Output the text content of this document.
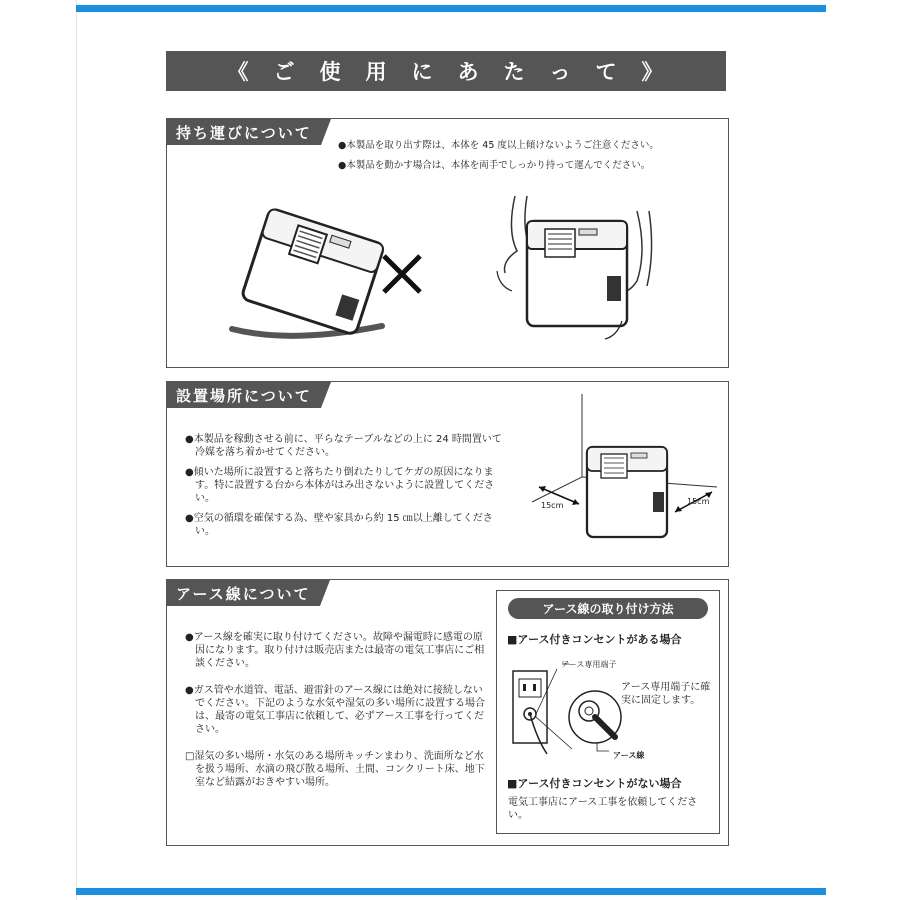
《　ご　使　用　に　あ　た　っ　て　》
持ち運びについて
●本製品を取り出す際は、本体を 45 度以上傾けないようご注意ください。
●本製品を動かす場合は、本体を両手でしっかり持って運んでください。
設置場所について

●本製品を稼動させる前に、平らなテーブルなどの上に 24 時間置いて冷媒を落ち着かせてください。

●傾いた場所に設置すると落ちたり倒れたりしてケガの原因になります。特に設置する台から本体がはみ出さないように設置してください。

●空気の循環を確保する為、壁や家具から約 15 ㎝以上離してください。

15cm	15cm
アース線について

●アース線を確実に取り付けてください。故障や漏電時に感電の原因になります。取り付けは販売店または最寄の電気工事店にご相談ください。

●ガス管や水道管、電話、避雷針のアース線には絶対に接続しないでください。下記のような水気や湿気の多い場所に設置する場合は、最寄の電気工事店に依頼して、必ずアース工事を行ってください。

□湿気の多い場所・水気のある場所キッチンまわり、洗面所など水を扱う場所、水滴の飛び散る場所、土間、コンクリート床、地下室など結露がおきやすい場所。

アース線の取り付け方法
■アース付きコンセントがある場合
アース専用端子
アース専用端子に確実に固定します。
アース線
■アース付きコンセントがない場合
電気工事店にアース工事を依頼してください。
